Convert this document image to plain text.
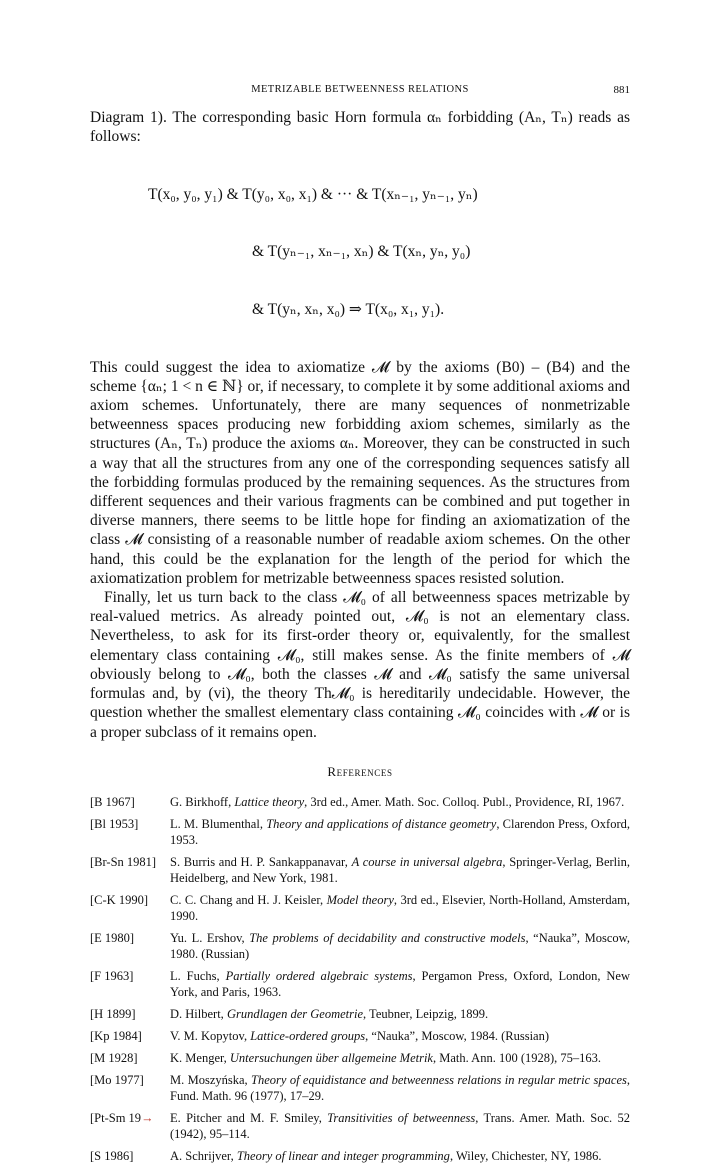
METRIZABLE BETWEENNESS RELATIONS	881

Diagram 1). The corresponding basic Horn formula αₙ forbidding (Aₙ, Tₙ) reads as follows:

T(x₀, y₀, y₁) & T(y₀, x₀, x₁) & ··· & T(xₙ₋₁, yₙ₋₁, yₙ)

& T(yₙ₋₁, xₙ₋₁, xₙ) & T(xₙ, yₙ, y₀)

& T(yₙ, xₙ, x₀) ⇒ T(x₀, x₁, y₁).

This could suggest the idea to axiomatize 𝓜 by the axioms (B0) – (B4) and the scheme {αₙ; 1 < n ∈ ℕ} or, if necessary, to complete it by some additional axioms and axiom schemes. Unfortunately, there are many sequences of nonmetrizable betweenness spaces producing new forbidding axiom schemes, similarly as the structures (Aₙ, Tₙ) produce the axioms αₙ. Moreover, they can be constructed in such a way that all the structures from any one of the corresponding sequences satisfy all the forbidding formulas produced by the remaining sequences. As the structures from different sequences and their various fragments can be combined and put together in diverse manners, there seems to be little hope for finding an axiomatization of the class 𝓜 consisting of a reasonable number of readable axiom schemes. On the other hand, this could be the explanation for the length of the period for which the axiomatization problem for metrizable betweenness spaces resisted solution.

Finally, let us turn back to the class 𝓜₀ of all betweenness spaces metrizable by real-valued metrics. As already pointed out, 𝓜₀ is not an elementary class. Nevertheless, to ask for its first-order theory or, equivalently, for the smallest elementary class containing 𝓜₀, still makes sense. As the finite members of 𝓜 obviously belong to 𝓜₀, both the classes 𝓜 and 𝓜₀ satisfy the same universal formulas and, by (vi), the theory Th𝓜₀ is hereditarily undecidable. However, the question whether the smallest elementary class containing 𝓜₀ coincides with 𝓜 or is a proper subclass of it remains open.

References
[B 1967]	G. Birkhoff, Lattice theory, 3rd ed., Amer. Math. Soc. Colloq. Publ., Providence, RI, 1967.
[Bl 1953]	L. M. Blumenthal, Theory and applications of distance geometry, Clarendon Press, Oxford, 1953.
[Br-Sn 1981]	S. Burris and H. P. Sankappanavar, A course in universal algebra, Springer-Verlag, Berlin, Heidelberg, and New York, 1981.
[C-K 1990]	C. C. Chang and H. J. Keisler, Model theory, 3rd ed., Elsevier, North-Holland, Amsterdam, 1990.
[E 1980]	Yu. L. Ershov, The problems of decidability and constructive models, “Nauka”, Moscow, 1980. (Russian)
[F 1963]	L. Fuchs, Partially ordered algebraic systems, Pergamon Press, Oxford, London, New York, and Paris, 1963.
[H 1899]	D. Hilbert, Grundlagen der Geometrie, Teubner, Leipzig, 1899.
[Kp 1984]	V. M. Kopytov, Lattice-ordered groups, “Nauka”, Moscow, 1984. (Russian)
[M 1928]	K. Menger, Untersuchungen über allgemeine Metrik, Math. Ann. 100 (1928), 75–163.
[Mo 1977]	M. Moszyńska, Theory of equidistance and betweenness relations in regular metric spaces, Fund. Math. 96 (1977), 17–29.
[Pt-Sm 19→	E. Pitcher and M. F. Smiley, Transitivities of betweenness, Trans. Amer. Math. Soc. 52 (1942), 95–114.
[S 1986]	A. Schrijver, Theory of linear and integer programming, Wiley, Chichester, NY, 1986.
